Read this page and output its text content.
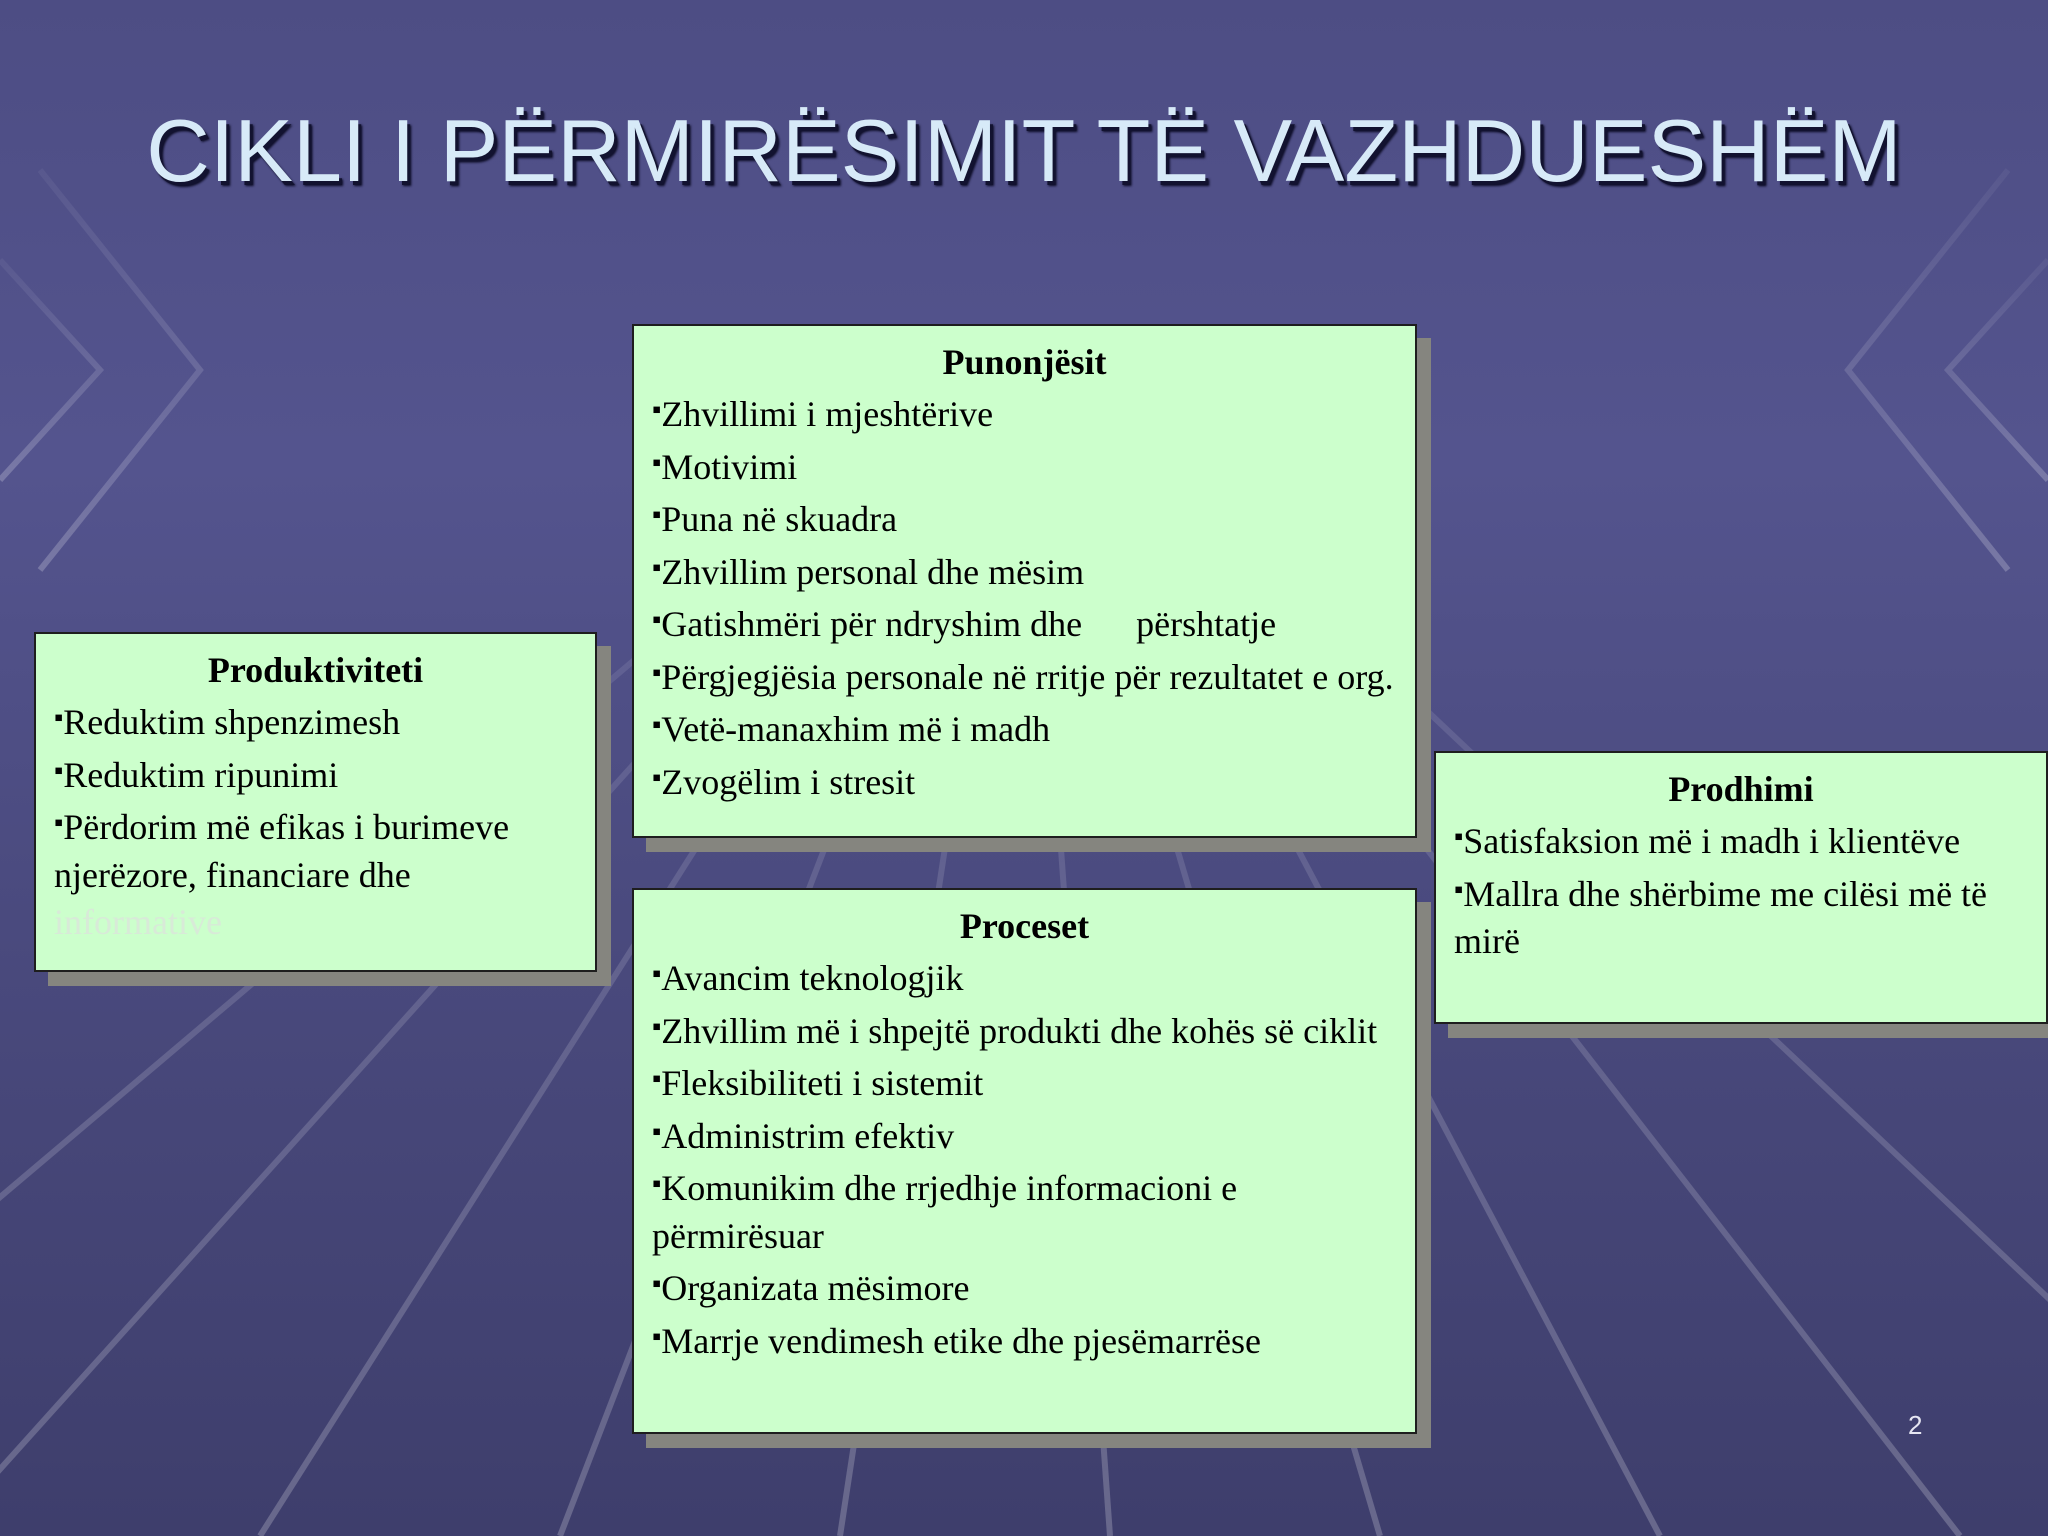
CIKLI I PËRMIRËSIMIT TË VAZHDUESHËM
Punonjësit
▪ Zhvillimi i mjeshtërive
▪ Motivimi
▪ Puna në skuadra
▪ Zhvillim personal dhe mësim
▪ Gatishmëri për ndryshim dhe      përshtatje
▪ Përgjegjësia personale në rritje për rezultatet e org.
▪ Vetë-manaxhim më i madh
▪ Zvogëlim i stresit
Produktiviteti
▪ Reduktim shpenzimesh
▪ Reduktim ripunimi
▪ Përdorim më efikas i burimeve njerëzore, financiare dhe
informative
Prodhimi
▪ Satisfaksion më i madh i klientëve
▪ Mallra dhe shërbime me cilësi më të mirë
Proceset
▪ Avancim teknologjik
▪ Zhvillim më i shpejtë produkti dhe kohës së ciklit
▪ Fleksibiliteti i sistemit
▪ Administrim efektiv
▪ Komunikim dhe rrjedhje informacioni e përmirësuar
▪ Organizata mësimore
▪ Marrje vendimesh etike dhe pjesëmarrëse
2
